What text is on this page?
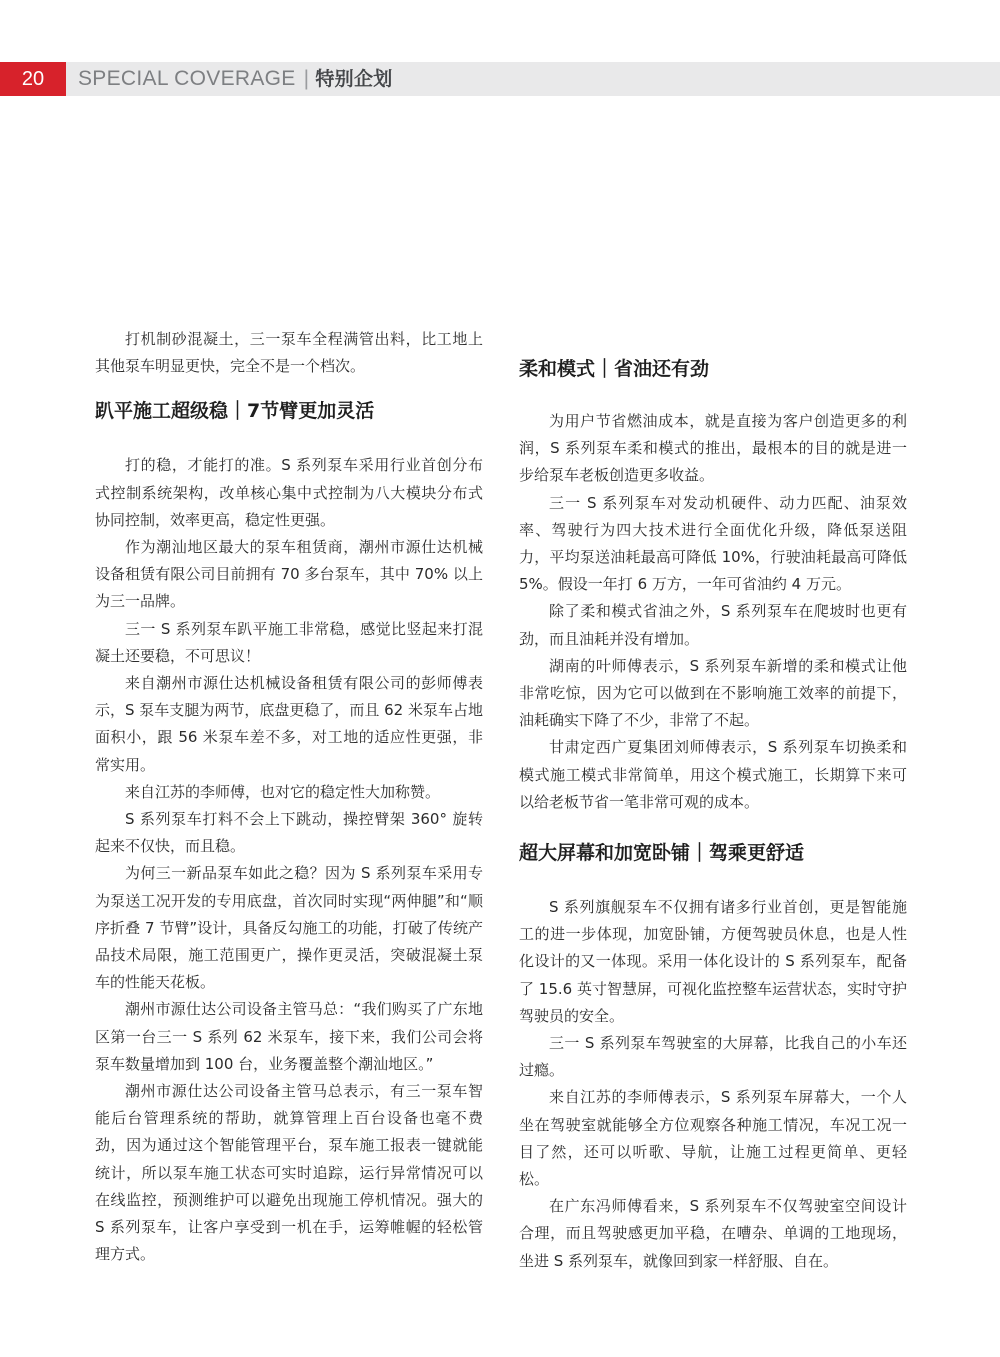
20	SPECIAL COVERAGE | 特别企划

打机制砂混凝土，三一泵车全程满管出料，比工地上其他泵车明显更快，完全不是一个档次。

趴平施工超级稳｜7节臂更加灵活

打的稳，才能打的准。S 系列泵车采用行业首创分布式控制系统架构，改单核心集中式控制为八大模块分布式协同控制，效率更高，稳定性更强。

作为潮汕地区最大的泵车租赁商，潮州市源仕达机械设备租赁有限公司目前拥有 70 多台泵车，其中 70% 以上为三一品牌。

三一 S 系列泵车趴平施工非常稳，感觉比竖起来打混凝土还要稳，不可思议！

来自潮州市源仕达机械设备租赁有限公司的彭师傅表示，S 泵车支腿为两节，底盘更稳了，而且 62 米泵车占地面积小，跟 56 米泵车差不多，对工地的适应性更强，非常实用。

来自江苏的李师傅，也对它的稳定性大加称赞。

S 系列泵车打料不会上下跳动，操控臂架 360° 旋转起来不仅快，而且稳。

为何三一新品泵车如此之稳？因为 S 系列泵车采用专为泵送工况开发的专用底盘，首次同时实现“两伸腿”和“顺序折叠 7 节臂”设计，具备反勾施工的功能，打破了传统产品技术局限，施工范围更广，操作更灵活，突破混凝土泵车的性能天花板。

潮州市源仕达公司设备主管马总：“我们购买了广东地区第一台三一 S 系列 62 米泵车，接下来，我们公司会将泵车数量增加到 100 台，业务覆盖整个潮汕地区。”

潮州市源仕达公司设备主管马总表示，有三一泵车智能后台管理系统的帮助，就算管理上百台设备也毫不费劲，因为通过这个智能管理平台，泵车施工报表一键就能统计，所以泵车施工状态可实时追踪，运行异常情况可以在线监控，预测维护可以避免出现施工停机情况。强大的 S 系列泵车，让客户享受到一机在手，运筹帷幄的轻松管理方式。

柔和模式｜省油还有劲

为用户节省燃油成本，就是直接为客户创造更多的利润，S 系列泵车柔和模式的推出，最根本的目的就是进一步给泵车老板创造更多收益。

三一 S 系列泵车对发动机硬件、动力匹配、油泵效率、驾驶行为四大技术进行全面优化升级，降低泵送阻力，平均泵送油耗最高可降低 10%，行驶油耗最高可降低 5%。假设一年打 6 万方，一年可省油约 4 万元。

除了柔和模式省油之外，S 系列泵车在爬坡时也更有劲，而且油耗并没有增加。

湖南的叶师傅表示，S 系列泵车新增的柔和模式让他非常吃惊，因为它可以做到在不影响施工效率的前提下，油耗确实下降了不少，非常了不起。

甘肃定西广夏集团刘师傅表示，S 系列泵车切换柔和模式施工模式非常简单，用这个模式施工，长期算下来可以给老板节省一笔非常可观的成本。

超大屏幕和加宽卧铺｜驾乘更舒适

S 系列旗舰泵车不仅拥有诸多行业首创，更是智能施工的进一步体现，加宽卧铺，方便驾驶员休息，也是人性化设计的又一体现。采用一体化设计的 S 系列泵车，配备了 15.6 英寸智慧屏，可视化监控整车运营状态，实时守护驾驶员的安全。

三一 S 系列泵车驾驶室的大屏幕，比我自己的小车还过瘾。

来自江苏的李师傅表示，S 系列泵车屏幕大，一个人坐在驾驶室就能够全方位观察各种施工情况，车况工况一目了然，还可以听歌、导航，让施工过程更简单、更轻松。

在广东冯师傅看来，S 系列泵车不仅驾驶室空间设计合理，而且驾驶感更加平稳，在嘈杂、单调的工地现场，坐进 S 系列泵车，就像回到家一样舒服、自在。
